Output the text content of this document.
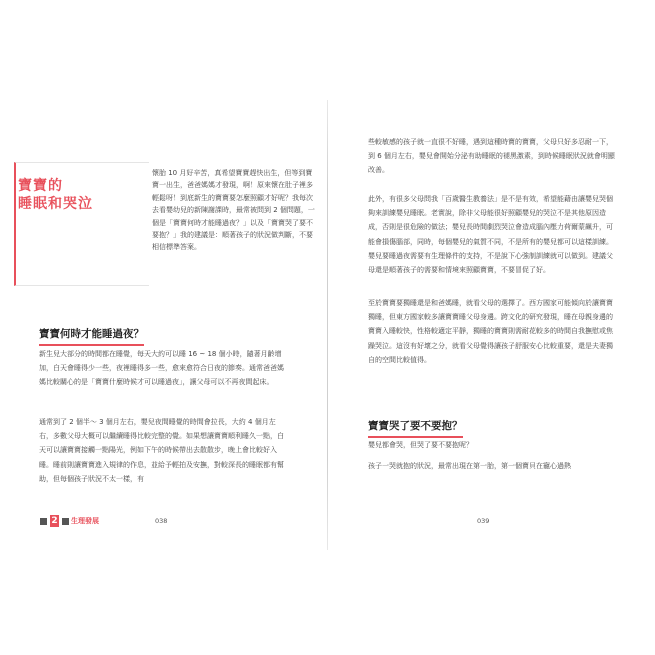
寶寶的
睡眠和哭泣
懷胎 10 月好辛苦，真希望寶寶趕快出生，但等到寶寶一出生，爸爸媽媽才發現，啊！原來懷在肚子裡多輕鬆呀！到底新生的寶寶要怎麼照顧才好呢？我每次去看嬰幼兒的新陳謝課時，最常被問到 2 個問題，一個是「寶寶何時才能睡過夜？」以及「寶寶哭了要不要抱？」我的建議是：順著孩子的狀況做判斷，不要相信標準答案。
寶寶何時才能睡過夜？
新生兒大部分的時間都在睡覺，每天大約可以睡 16 ~ 18 個小時，隨著月齡增加，白天會睡得少一些，夜裡睡得多一些，愈來愈符合日夜的節奏。通常爸爸媽媽比較關心的是「寶寶什麼時候才可以睡過夜」，讓父母可以不再夜間起床。
通常到了 2 個半～ 3 個月左右，嬰兒夜間睡覺的時間會拉長，大約 4 個月左右，多數父母大概可以繼續睡得比較完整的覺。如果想讓寶寶順利睡久一點，白天可以讓寶寶接觸一點陽光，例如下午的時候帶出去散散步，晚上會比較好入睡。睡前則讓寶寶進入規律的作息，並給予輕拍及安撫，對較深長的睡眠都有幫助，但每個孩子狀況不太一樣，有
2 生理發展	038
些較敏感的孩子就一直很不好睡，遇到這種時寶的寶寶，父母只好多忍耐一下，到 6 個月左右，嬰兒會開始分泌有助睡眠的褪黑激素，到時候睡眠狀況就會明顯改善。
此外，有很多父母問我「百歲醫生教養法」是不是有效，希望能藉由讓嬰兒哭個夠來訓練嬰兒睡眠。老實說，除非父母能很好照顧嬰兒的哭泣不是其他原因造成，否則是很危險的做法；嬰兒長時間劇烈哭泣會造成腦內壓力荷爾蒙飆升，可能會損傷腦部，同時，每個嬰兒的氣質不同，不是所有的嬰兒都可以這樣訓練。嬰兒要睡過夜需要有生理條件的支持，不是說下心強制訓練就可以做到。建議父母還是順著孩子的需要和情境來照顧寶寶，不要冒促了好。
至於寶寶要獨睡還是和爸媽睡，就看父母的選擇了。西方國家可能傾向於讓寶寶獨睡，但東方國家較多讓寶寶睡父母身邊。跨文化的研究發現，睡在母親身邊的寶寶入睡較快，性格較適定平靜，獨睡的寶寶則需耐花較多的時間自我撫慰或焦躁哭泣。這沒有好壞之分，就看父母覺得讓孩子舒服安心比較重要，還是夫妻獨自的空間比較值得。
寶寶哭了要不要抱？
嬰兒都會哭，但哭了要不要抱呢？
孩子一哭就抱的狀況，最常出現在第一胎，第一個寶貝在寵心過熱
039
